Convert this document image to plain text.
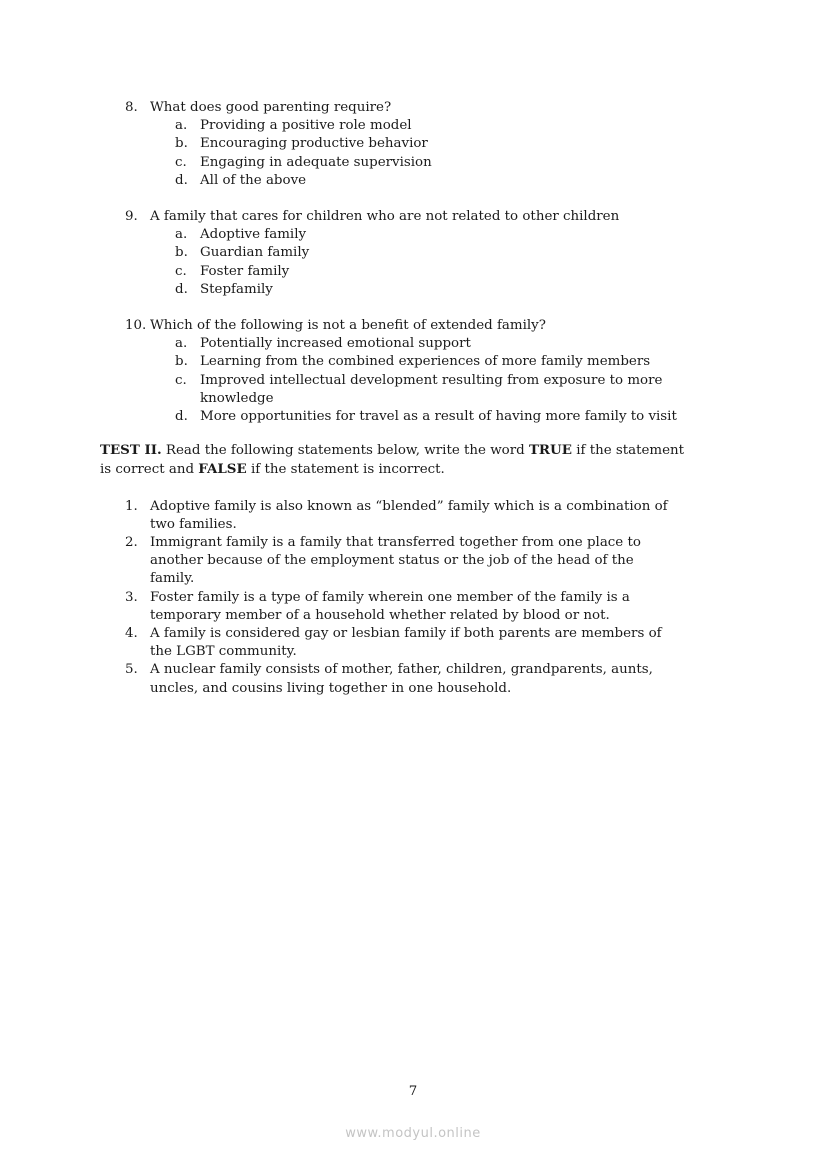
8. What does good parenting require?
a. Providing a positive role model
b. Encouraging productive behavior
c. Engaging in adequate supervision
d. All of the above
9. A family that cares for children who are not related to other children
a. Adoptive family
b. Guardian family
c. Foster family
d. Stepfamily
10. Which of the following is not a benefit of extended family?
a. Potentially increased emotional support
b. Learning from the combined experiences of more family members
c. Improved intellectual development resulting from exposure to more
knowledge
d. More opportunities for travel as a result of having more family to visit
TEST II. Read the following statements below, write the word TRUE if the statement
is correct and FALSE if the statement is incorrect.
1. Adoptive family is also known as “blended” family which is a combination of
two families.
2. Immigrant family is a family that transferred together from one place to
another because of the employment status or the job of the head of the
family.
3. Foster family is a type of family wherein one member of the family is a
temporary member of a household whether related by blood or not.
4. A family is considered gay or lesbian family if both parents are members of
the LGBT community.
5. A nuclear family consists of mother, father, children, grandparents, aunts,
uncles, and cousins living together in one household.
7
www.modyul.online
